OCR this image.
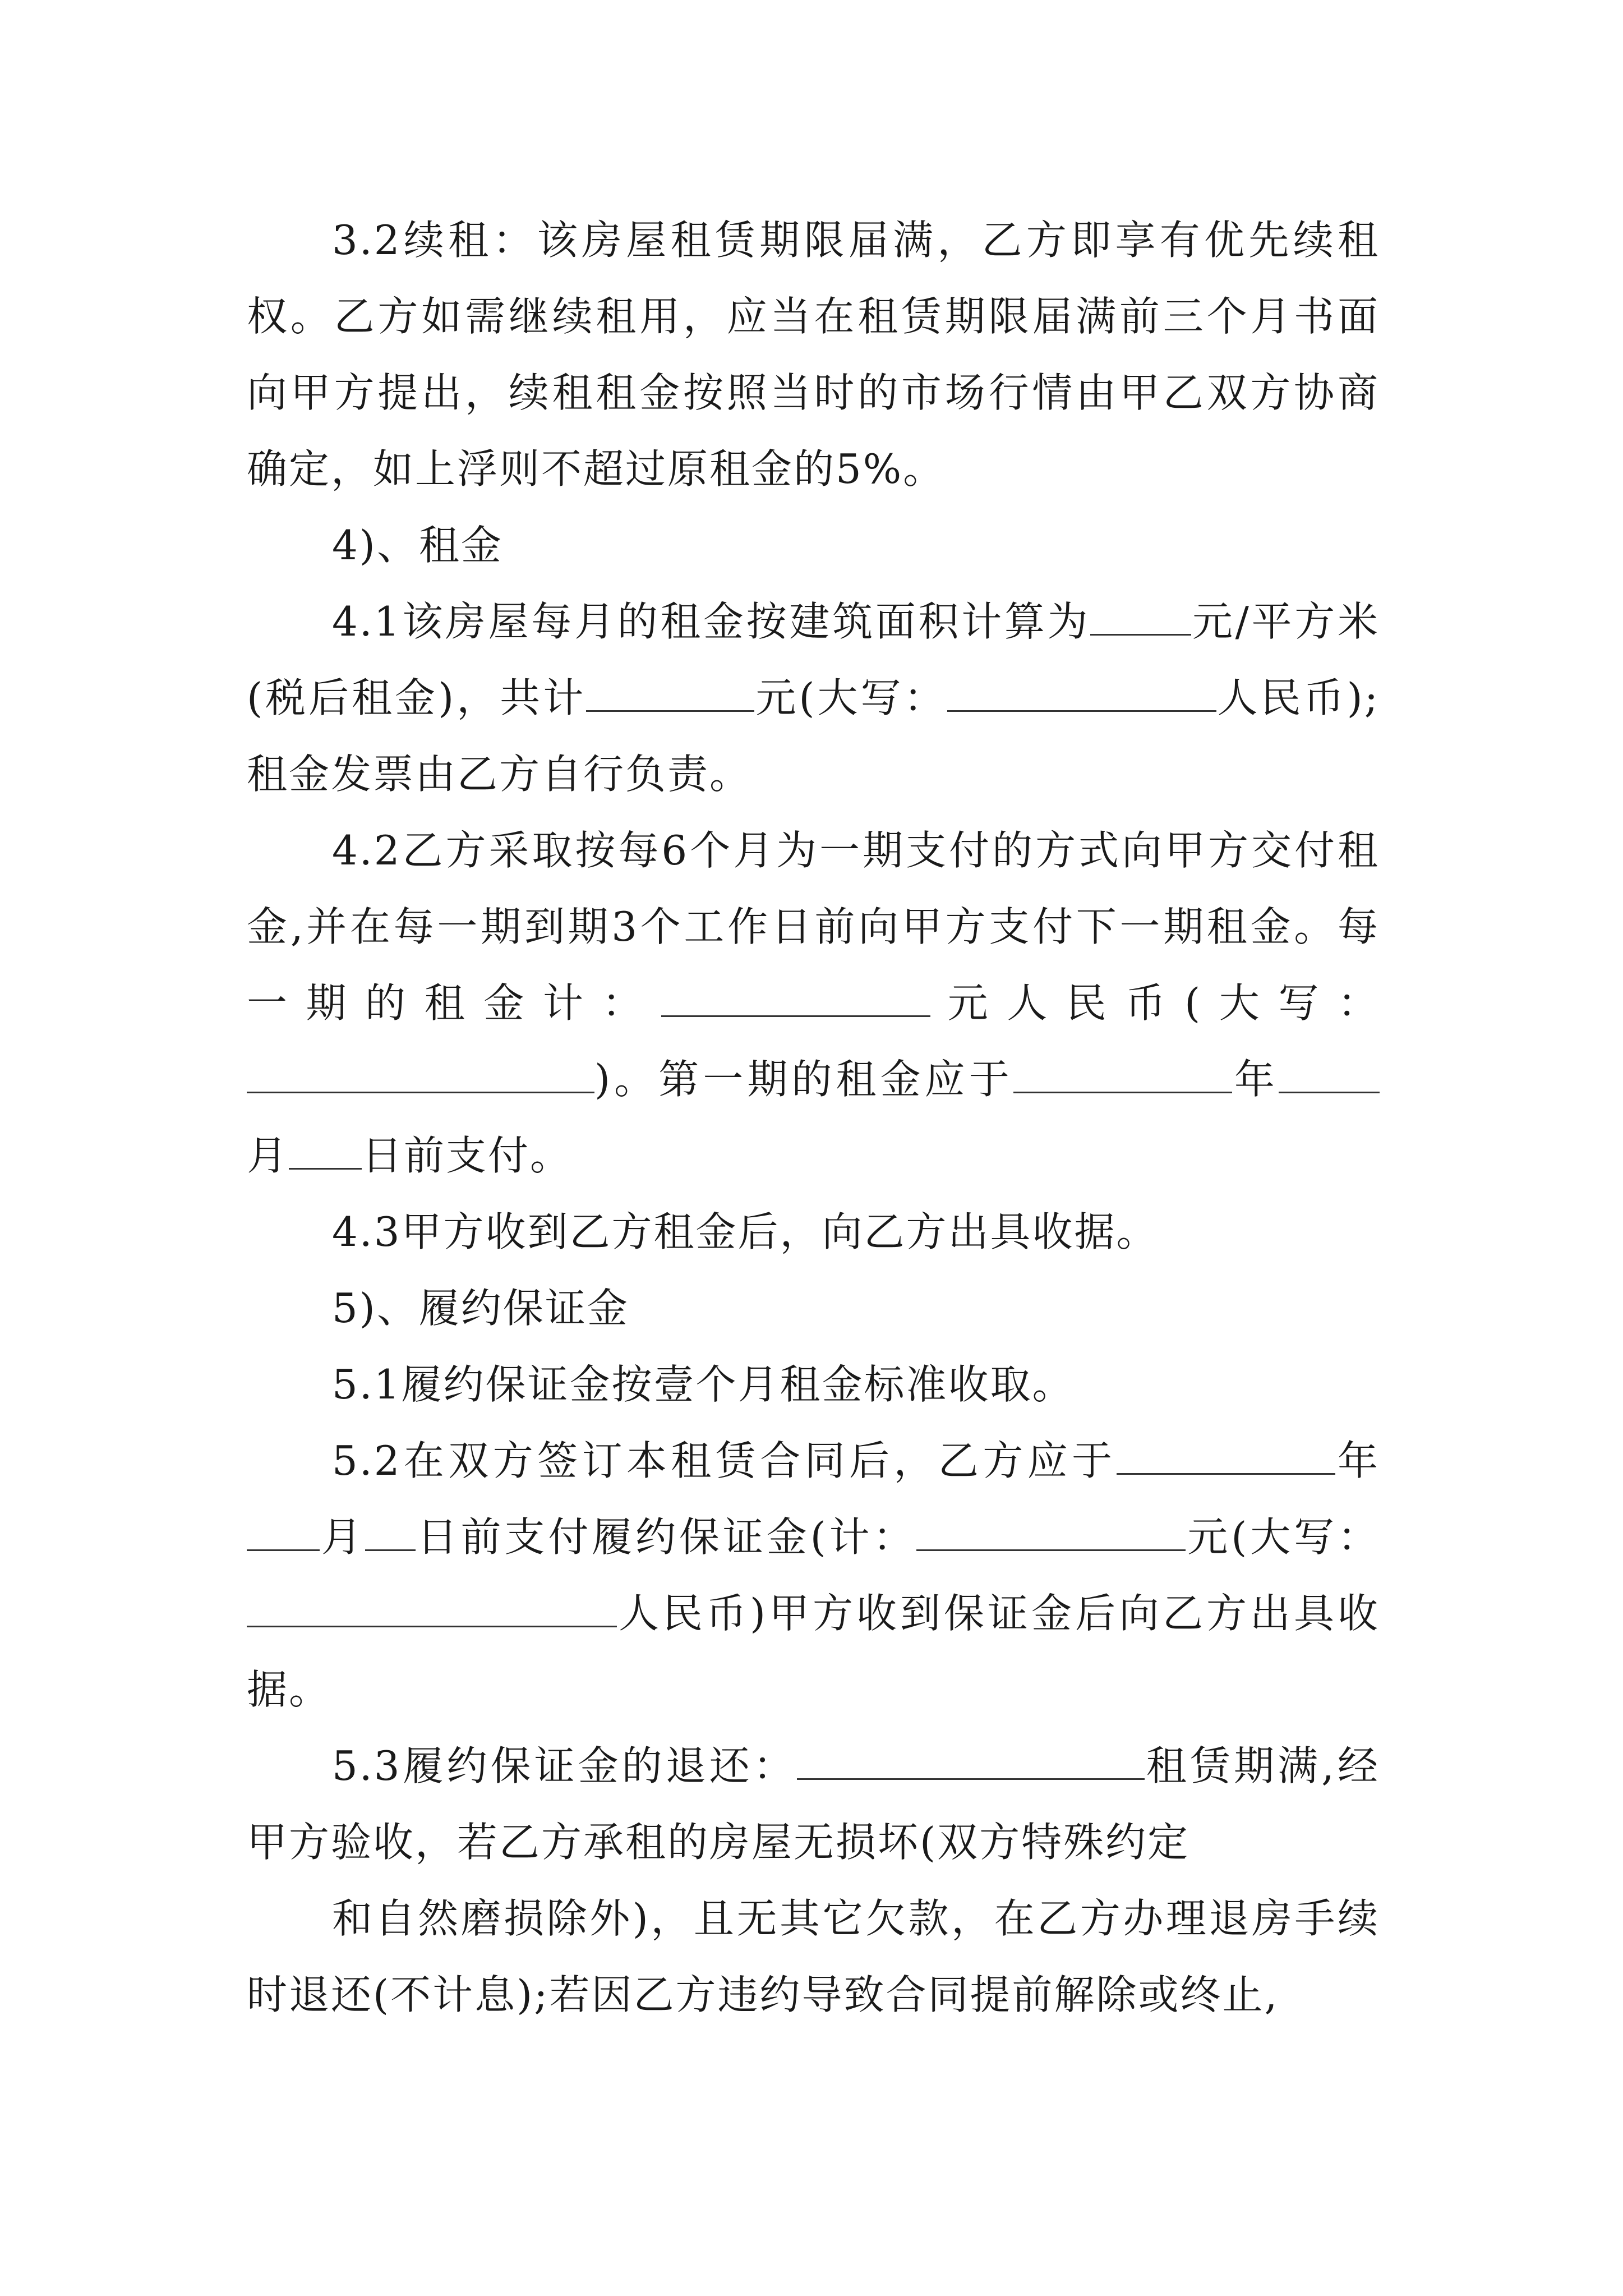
3.2续租：该房屋租赁期限届满，乙方即享有优先续租权。乙方如需继续租用，应当在租赁期限届满前三个月书面向甲方提出，续租租金按照当时的市场行情由甲乙双方协商确定，如上浮则不超过原租金的5%。

4)、租金

4.1该房屋每月的租金按建筑面积计算为	元/平方米(税后租金)，共计	元(大写：	人民币);租金发票由乙方自行负责。

4.2乙方采取按每6个月为一期支付的方式向甲方交付租金,并在每一期到期3个工作日前向甲方支付下一期租金。每一期的租金计：	元人民币(大写：)。第一期的租金应于	年月 日前支付。

4.3甲方收到乙方租金后，向乙方出具收据。

5)、履约保证金

5.1履约保证金按壹个月租金标准收取。

5.2在双方签订本租赁合同后，乙方应于	年月 日前支付履约保证金(计：	元(大写：人民币)甲方收到保证金后向乙方出具收据。

5.3履约保证金的退还：	租赁期满,经甲方验收，若乙方承租的房屋无损坏(双方特殊约定

和自然磨损除外)，且无其它欠款，在乙方办理退房手续时退还(不计息);若因乙方违约导致合同提前解除或终止,
